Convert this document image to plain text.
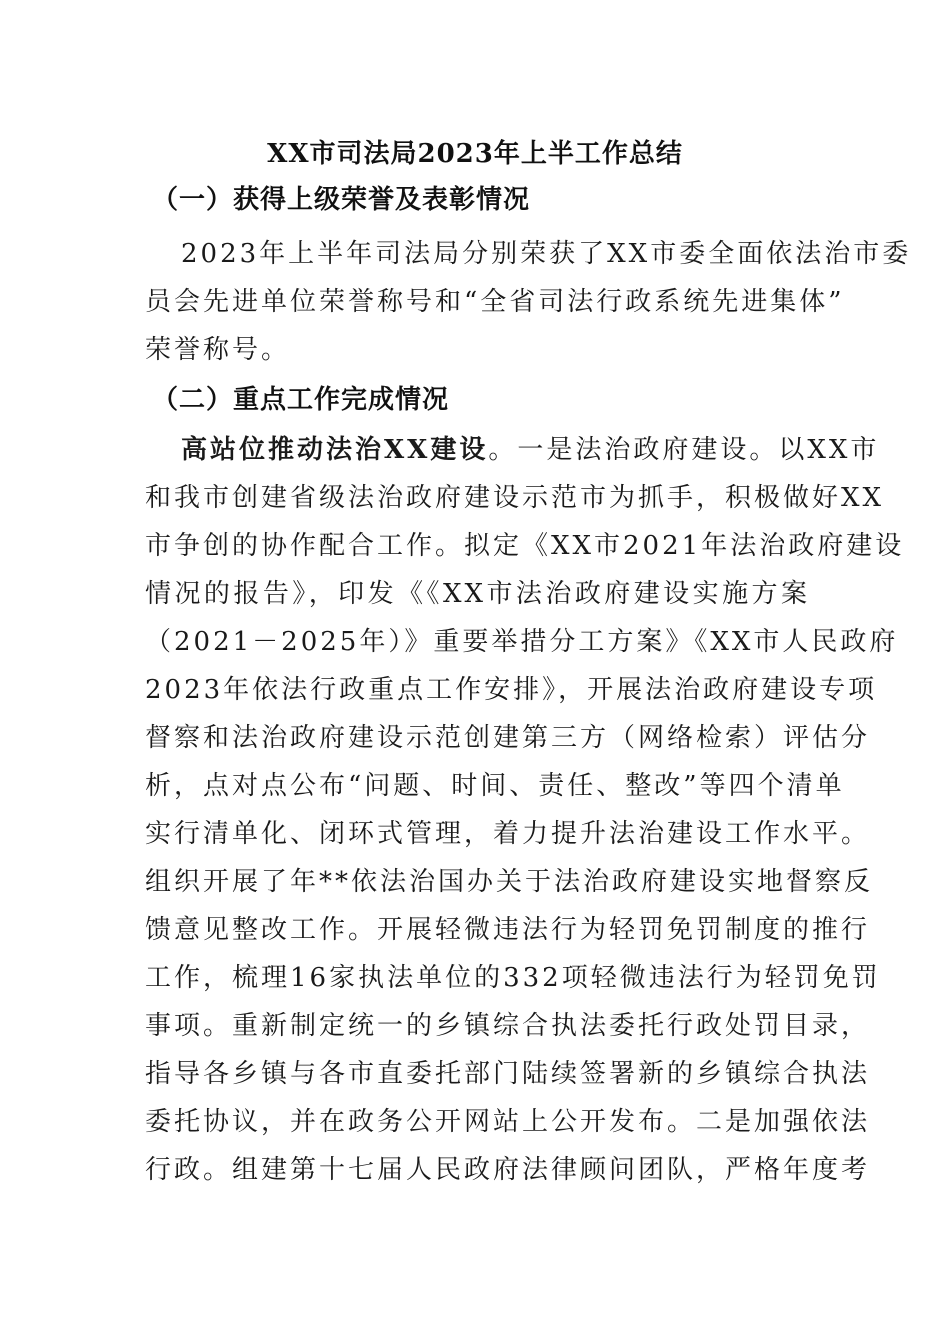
XX市司法局2023年上半工作总结
（一）获得上级荣誉及表彰情况
2023年上半年司法局分别荣获了XX市委全面依法治市委
员会先进单位荣誉称号和“全省司法行政系统先进集体”
荣誉称号。
（二）重点工作完成情况
高站位推动法治XX建设。一是法治政府建设。以XX市
和我市创建省级法治政府建设示范市为抓手，积极做好XX
市争创的协作配合工作。拟定《XX市2021年法治政府建设
情况的报告》，印发《《XX市法治政府建设实施方案
（2021－2025年）》重要举措分工方案》《XX市人民政府
2023年依法行政重点工作安排》，开展法治政府建设专项
督察和法治政府建设示范创建第三方（网络检索）评估分
析，点对点公布“问题、时间、责任、整改”等四个清单
实行清单化、闭环式管理，着力提升法治建设工作水平。
组织开展了年**依法治国办关于法治政府建设实地督察反
馈意见整改工作。开展轻微违法行为轻罚免罚制度的推行
工作，梳理16家执法单位的332项轻微违法行为轻罚免罚
事项。重新制定统一的乡镇综合执法委托行政处罚目录，
指导各乡镇与各市直委托部门陆续签署新的乡镇综合执法
委托协议，并在政务公开网站上公开发布。二是加强依法
行政。组建第十七届人民政府法律顾问团队，严格年度考
